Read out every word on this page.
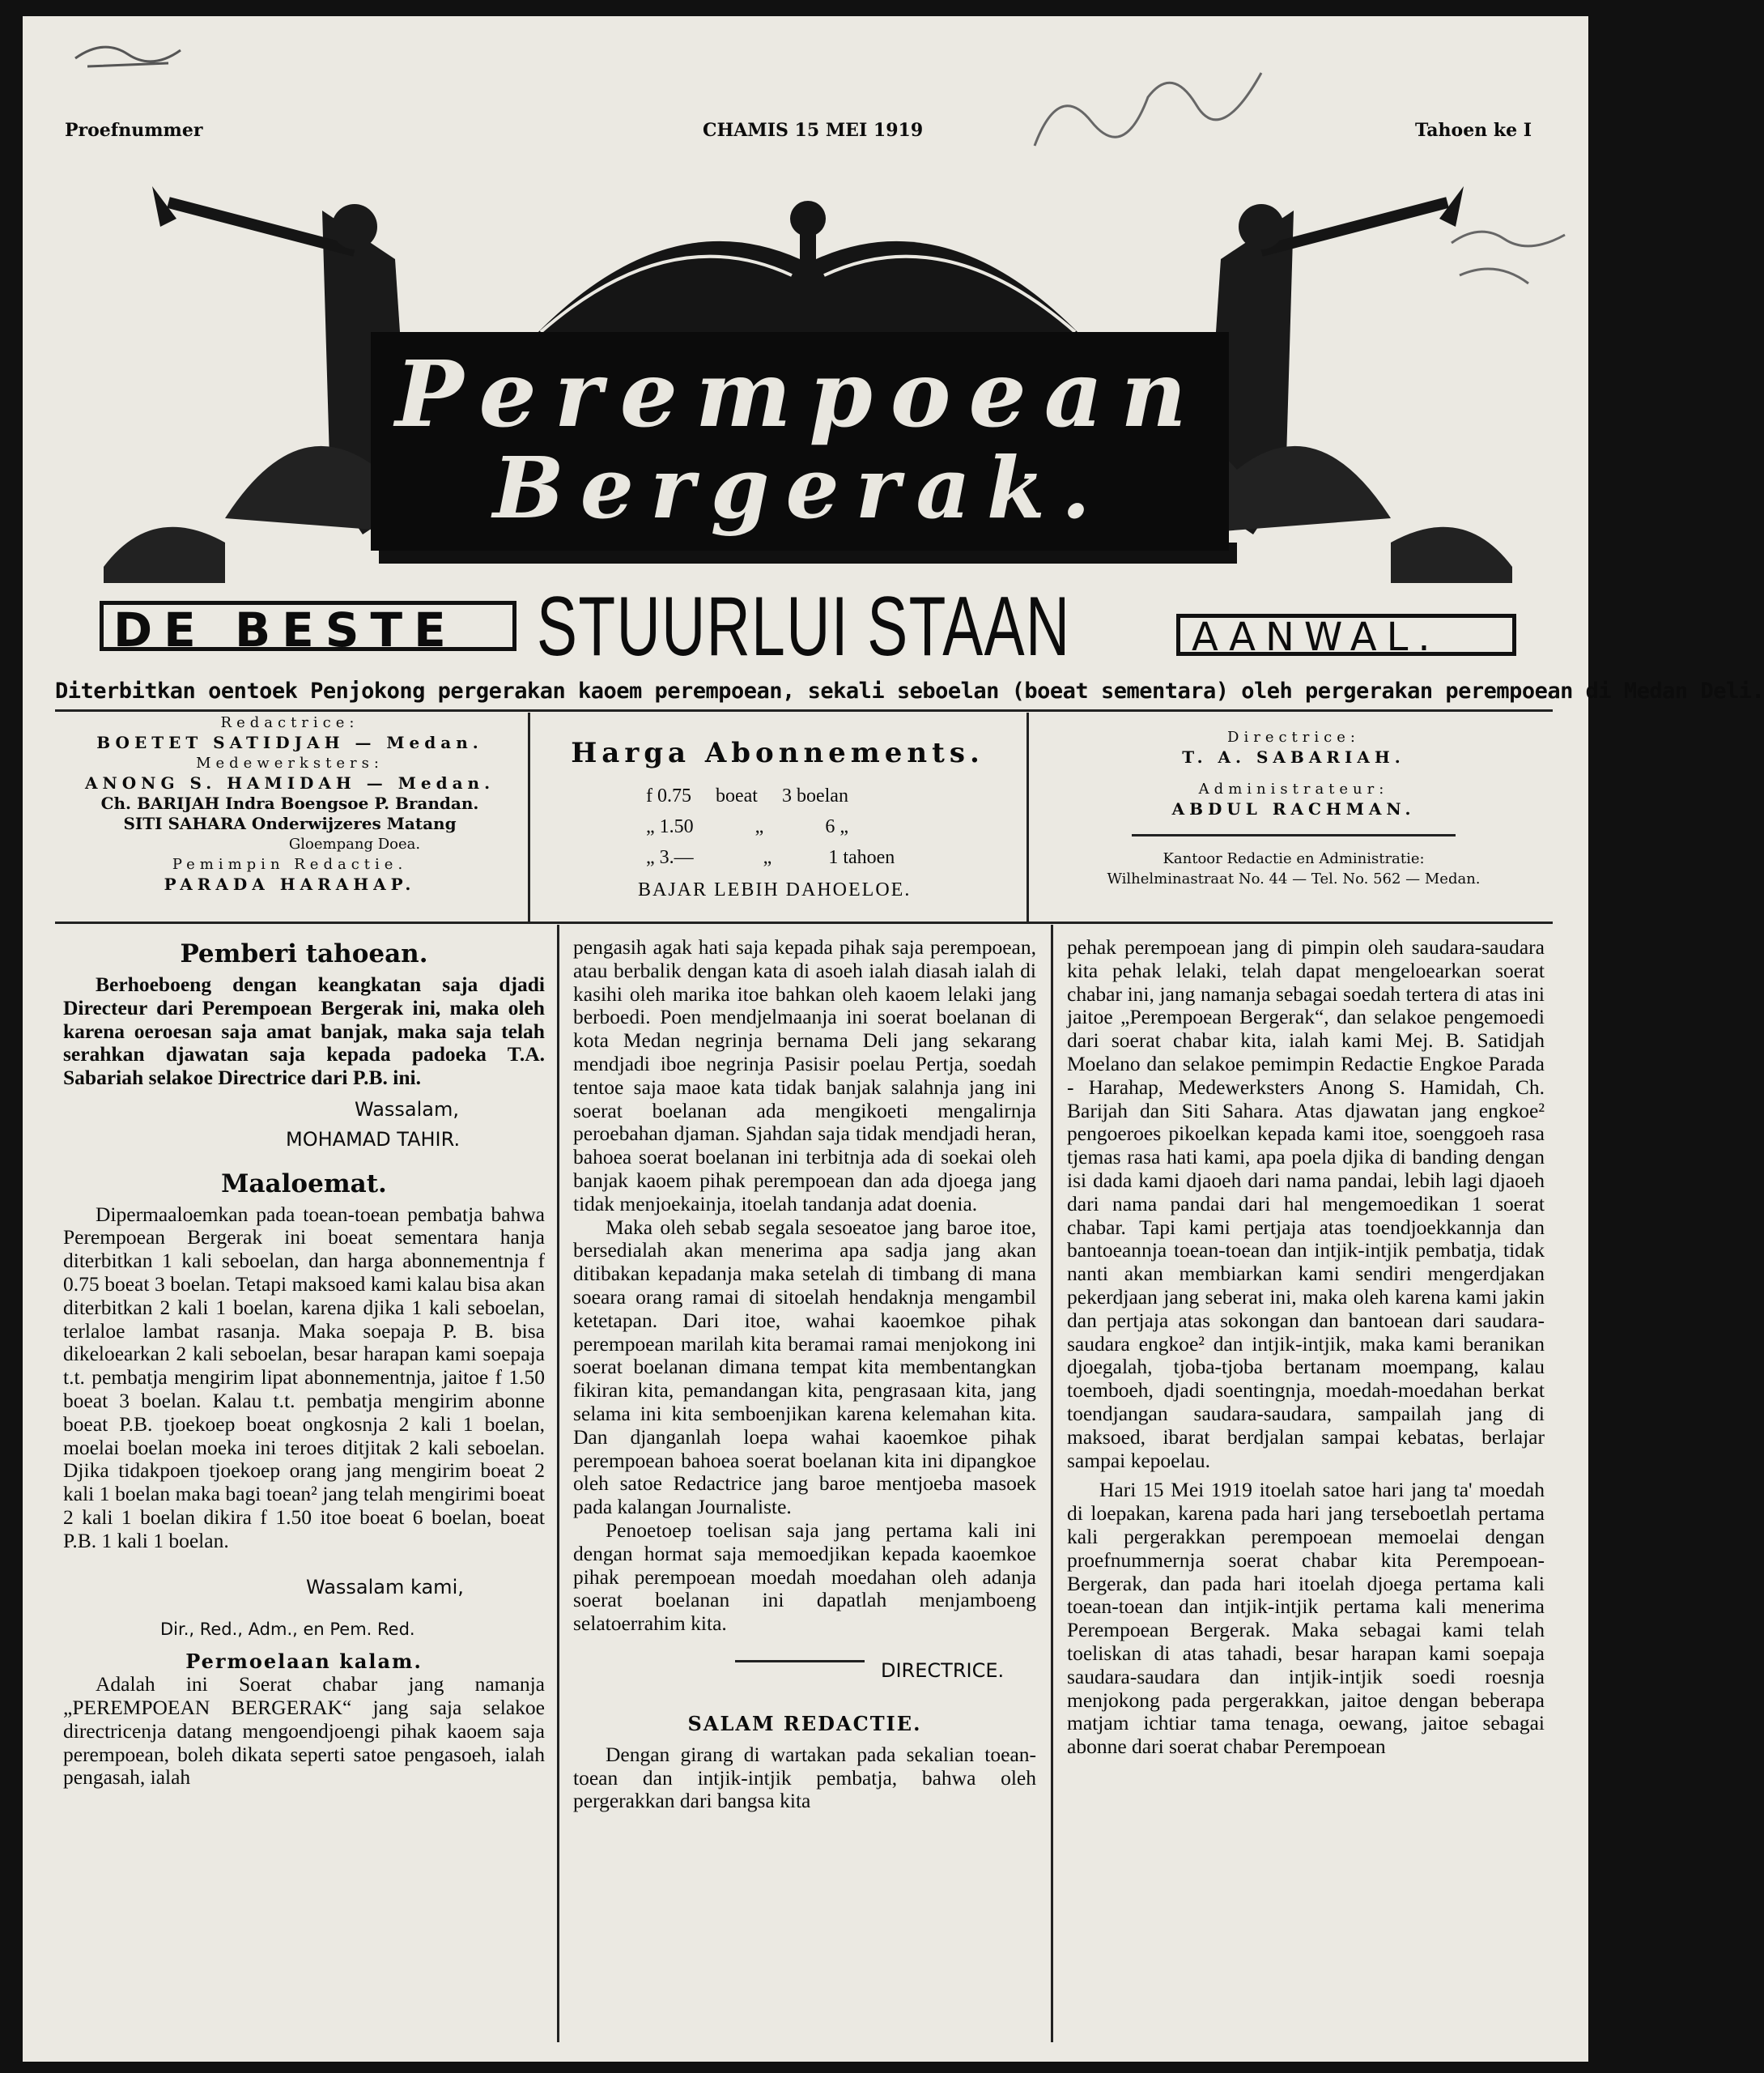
Proefnummer	CHAMIS 15 MEI 1919	Tahoen ke I
Perempoean
Bergerak.
DE BESTE STUURLUI STAAN	AANWAL.
Diterbitkan oentoek Penjokong pergerakan kaoem perempoean, sekali seboelan (boeat sementara) oleh pergerakan perempoean di Medan Deli.
Redactrice:
BOETET SATIDJAH — Medan.
Medewerksters:
ANONG S. HAMIDAH — Medan.
Ch. BARIJAH Indra Boengsoe P. Brandan.
SITI SAHARA Onderwijzeres Matang
Gloempang Doea.
Pemimpin Redactie.
PARADA HARAHAP.
Harga Abonnements.
f 0.75 boeat 3 boelan
„ 1.50	„	6 „
„ 3.—	„	1 tahoen
BAJAR LEBIH DAHOELOE.
Directrice:
T. A. SABARIAH.
Administrateur:
ABDUL RACHMAN.
Kantoor Redactie en Administratie:
Wilhelminastraat No. 44 — Tel. No. 562 — Medan.
Pemberi tahoean.

Berhoeboeng dengan keangkatan saja djadi Directeur dari Perempoean Bergerak ini, maka oleh karena oeroesan saja amat banjak, maka saja telah serahkan djawatan saja kepada padoeka T.A. Sabariah selakoe Directrice dari P.B. ini.

Wassalam,

MOHAMAD TAHIR.

Maaloemat.

Dipermaaloemkan pada toean-toean pembatja bahwa Perempoean Bergerak ini boeat sementara hanja diterbitkan 1 kali seboelan, dan harga abonnementnja f 0.75 boeat 3 boelan. Tetapi maksoed kami kalau bisa akan diterbitkan 2 kali 1 boelan, karena djika 1 kali seboelan, terlaloe lambat rasanja. Maka soepaja P. B. bisa dikeloearkan 2 kali seboelan, besar harapan kami soepaja t.t. pembatja mengirim lipat abonnementnja, jaitoe f 1.50 boeat 3 boelan. Kalau t.t. pembatja mengirim abonne boeat P.B. tjoekoep boeat ongkosnja 2 kali 1 boelan, moelai boelan moeka ini teroes ditjitak 2 kali seboelan. Djika tidakpoen tjoekoep orang jang mengirim boeat 2 kali 1 boelan maka bagi toean² jang telah mengirimi boeat 2 kali 1 boelan dikira f 1.50 itoe boeat 6 boelan, boeat P.B. 1 kali 1 boelan.

Wassalam kami,

Dir., Red., Adm., en Pem. Red.

Permoelaan kalam.

Adalah ini Soerat chabar jang namanja „PEREMPOEAN BERGERAK“ jang saja selakoe directricenja datang mengoendjoengi pihak kaoem saja perempoean, boleh dikata seperti satoe pengasoeh, ialah pengasah, ialah

pengasih agak hati saja kepada pihak saja perempoean, atau berbalik dengan kata di asoeh ialah diasah ialah di kasihi oleh marika itoe bahkan oleh kaoem lelaki jang berboedi. Poen mendjelmaanja ini soerat boelanan di kota Medan negrinja bernama Deli jang sekarang mendjadi iboe negrinja Pasisir poelau Pertja, soedah tentoe saja maoe kata tidak banjak salahnja jang ini soerat boelanan ada mengikoeti mengalirnja peroebahan djaman. Sjahdan saja tidak mendjadi heran, bahoea soerat boelanan ini terbitnja ada di soekai oleh banjak kaoem pihak perempoean dan ada djoega jang tidak menjoekainja, itoelah tandanja adat doenia.

Maka oleh sebab segala sesoeatoe jang baroe itoe, bersedialah akan menerima apa sadja jang akan ditibakan kepadanja maka setelah di timbang di mana soeara orang ramai di sitoelah hendaknja mengambil ketetapan. Dari itoe, wahai kaoemkoe pihak perempoean marilah kita beramai ramai menjokong ini soerat boelanan dimana tempat kita membentangkan fikiran kita, pemandangan kita, pengrasaan kita, jang selama ini kita semboenjikan karena kelemahan kita. Dan djanganlah loepa wahai kaoemkoe pihak perempoean bahoea soerat boelanan kita ini dipangkoe oleh satoe Redactrice jang baroe mentjoeba masoek pada kalangan Journaliste.

Penoetoep toelisan saja jang pertama kali ini dengan hormat saja memoedjikan kepada kaoemkoe pihak perempoean moedah moedahan oleh adanja soerat boelanan ini dapatlah menjamboeng selatoerrahim kita.

DIRECTRICE.

SALAM REDACTIE.

Dengan girang di wartakan pada sekalian toean-toean dan intjik-intjik pembatja, bahwa oleh pergerakkan dari bangsa kita

pehak perempoean jang di pimpin oleh saudara-saudara kita pehak lelaki, telah dapat mengeloearkan soerat chabar ini, jang namanja sebagai soedah tertera di atas ini jaitoe „Perempoean Bergerak“, dan selakoe pengemoedi dari soerat chabar kita, ialah kami Mej. B. Satidjah Moelano dan selakoe pemimpin Redactie Engkoe Parada - Harahap, Medewerksters Anong S. Hamidah, Ch. Barijah dan Siti Sahara. Atas djawatan jang engkoe² pengoeroes pikoelkan kepada kami itoe, soenggoeh rasa tjemas rasa hati kami, apa poela djika di banding dengan isi dada kami djaoeh dari nama pandai, lebih lagi djaoeh dari nama pandai dari hal mengemoedikan 1 soerat chabar. Tapi kami pertjaja atas toendjoekkannja dan bantoeannja toean-toean dan intjik-intjik pembatja, tidak nanti akan membiarkan kami sendiri mengerdjakan pekerdjaan jang seberat ini, maka oleh karena kami jakin dan pertjaja atas sokongan dan bantoean dari saudara-saudara engkoe² dan intjik-intjik, maka kami beranikan djoegalah, tjoba-tjoba bertanam moempang, kalau toemboeh, djadi soentingnja, moedah-moedahan berkat toendjangan saudara-saudara, sampailah jang di maksoed, ibarat berdjalan sampai kebatas, berlajar sampai kepoelau.

Hari 15 Mei 1919 itoelah satoe hari jang ta' moedah di loepakan, karena pada hari jang terseboetlah pertama kali pergerakkan perempoean memoelai dengan proefnummernja soerat chabar kita Perempoean-Bergerak, dan pada hari itoelah djoega pertama kali toean-toean dan intjik-intjik pertama kali menerima Perempoean Bergerak. Maka sebagai kami telah toeliskan di atas tahadi, besar harapan kami soepaja saudara-saudara dan intjik-intjik soedi roesnja menjokong pada pergerakkan, jaitoe dengan beberapa matjam ichtiar tama tenaga, oewang, jaitoe sebagai abonne dari soerat chabar Perempoean
